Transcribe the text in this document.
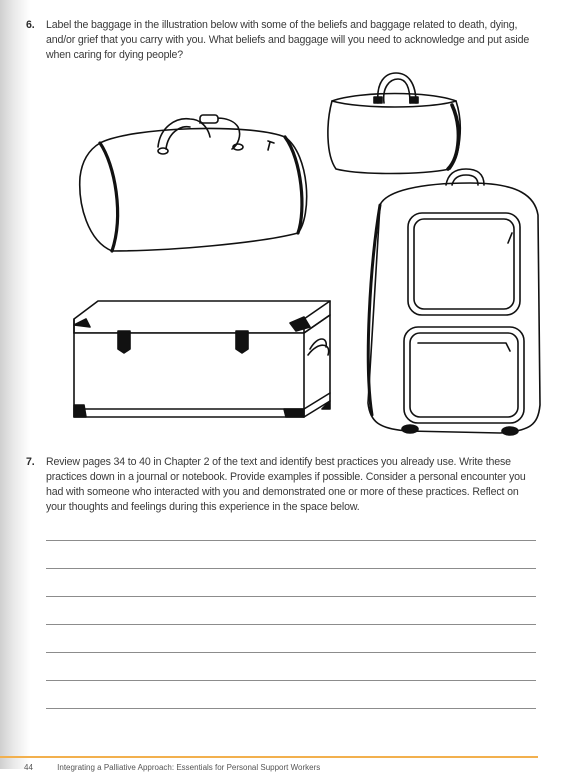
6. Label the baggage in the illustration below with some of the beliefs and baggage related to death, dying, and/or grief that you carry with you. What beliefs and baggage will you need to acknowledge and put aside when caring for dying people?
7. Review pages 34 to 40 in Chapter 2 of the text and identify best practices you already use. Write these practices down in a journal or notebook. Provide examples if possible. Consider a personal encounter you had with someone who interacted with you and demonstrated one or more of these practices. Reflect on your thoughts and feelings during this experience in the space below.
44	Integrating a Palliative Approach: Essentials for Personal Support Workers
